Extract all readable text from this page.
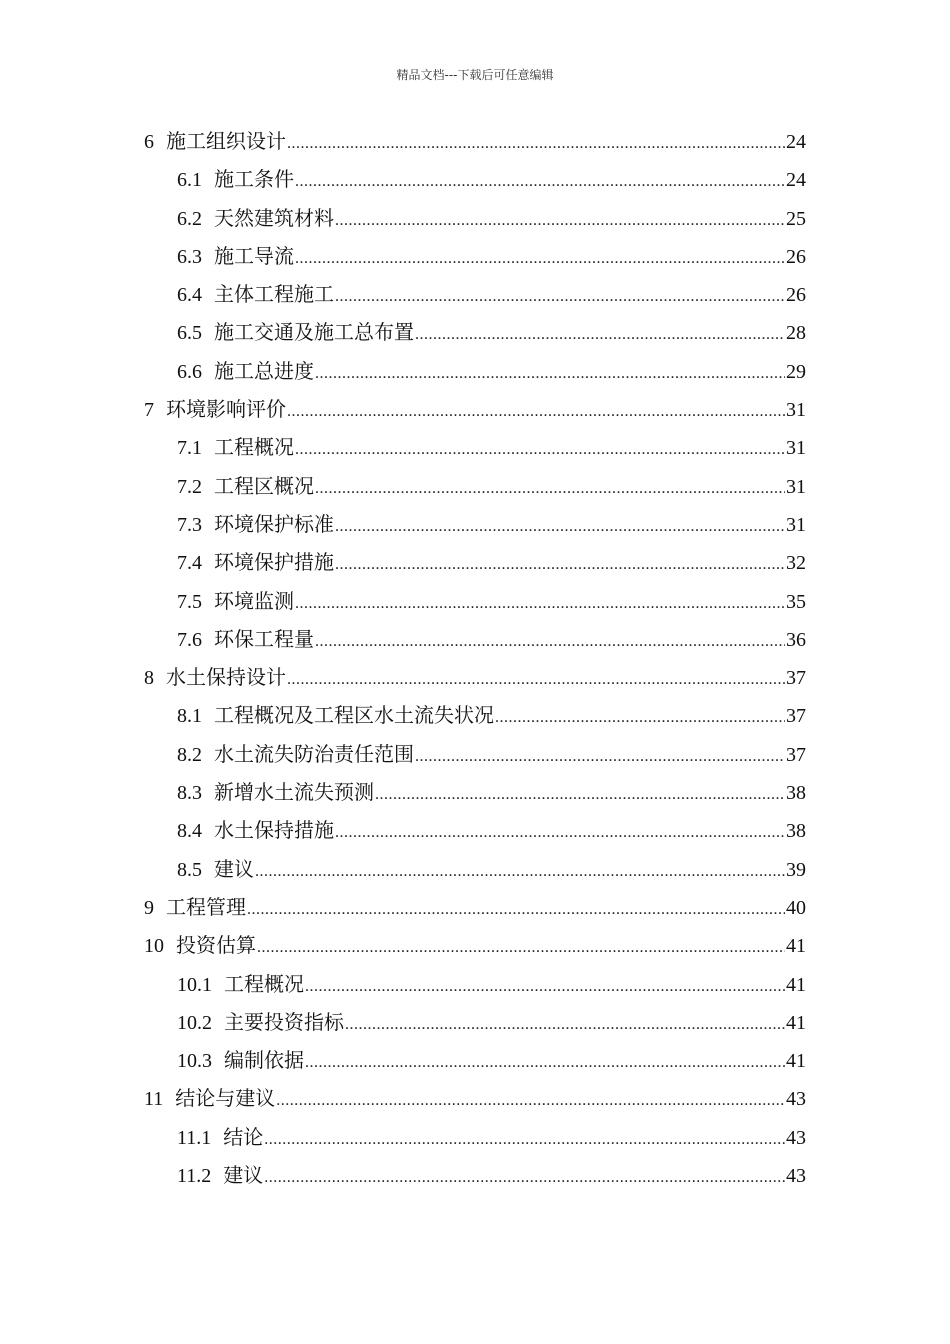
精品文档---下载后可任意编辑
6 施工组织设计 .....	24
6.1 施工条件 .....	24
6.2 天然建筑材料 .....	25
6.3 施工导流 .....	26
6.4 主体工程施工 .....	26
6.5 施工交通及施工总布置 .....	28
6.6 施工总进度 .....	29
7 环境影响评价 .....	31
7.1 工程概况 .....	31
7.2 工程区概况 .....	31
7.3 环境保护标准 .....	31
7.4 环境保护措施 .....	32
7.5 环境监测 .....	35
7.6 环保工程量 .....	36
8 水土保持设计 .....	37
8.1 工程概况及工程区水土流失状况 .....	37
8.2 水土流失防治责任范围 .....	37
8.3 新增水土流失预测 .....	38
8.4 水土保持措施 .....	38
8.5 建议 .....	39
9 工程管理 .....	40
10 投资估算 .....	41
10.1 工程概况 .....	41
10.2 主要投资指标 .....	41
10.3 编制依据 .....	41
11 结论与建议 .....	43
11.1 结论 .....	43
11.2 建议 .....	43
